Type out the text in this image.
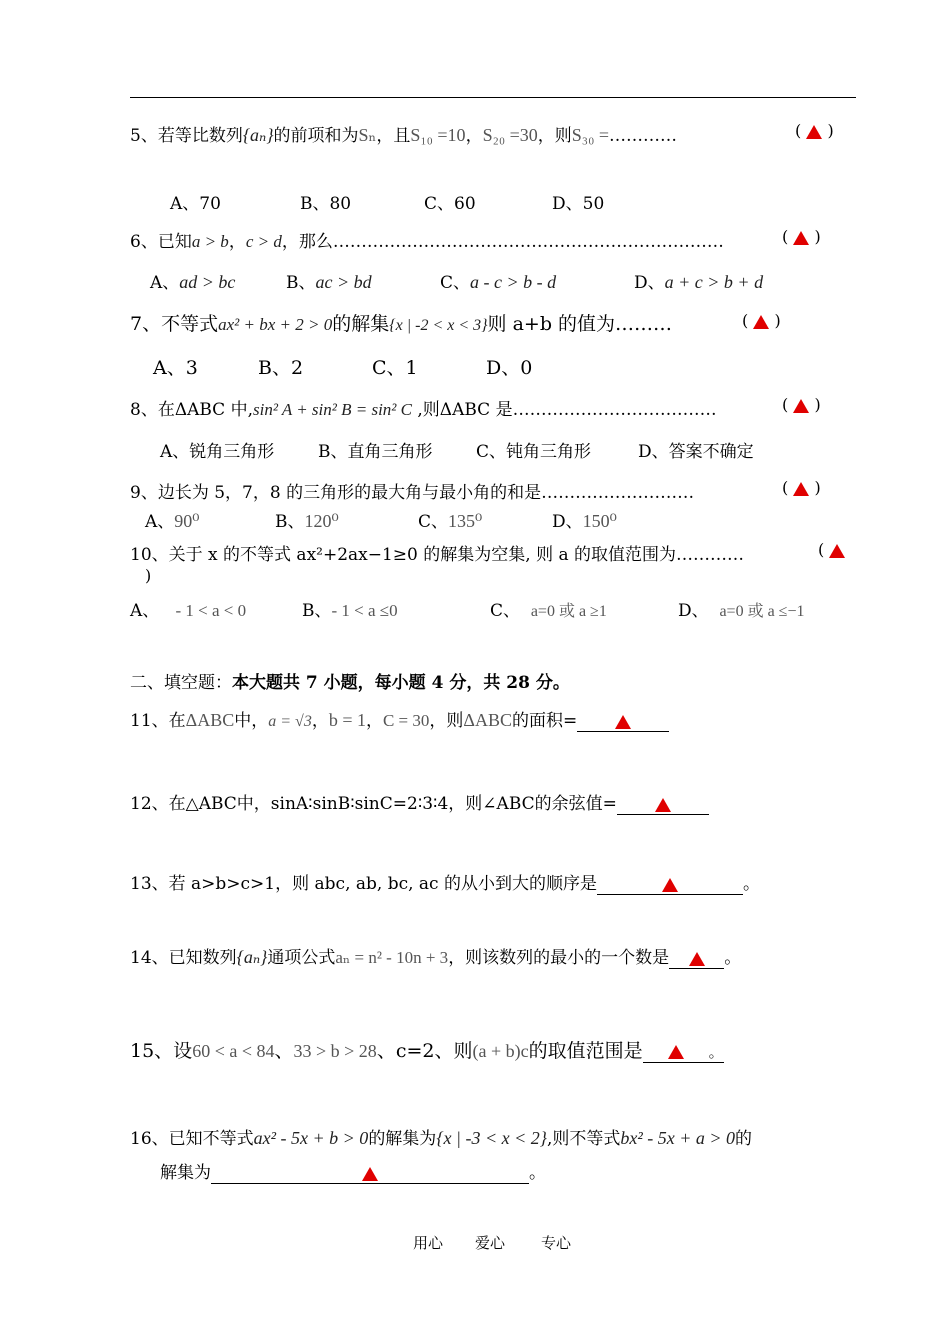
5、若等比数列{aₙ}的前项和为Sₙ，且S₁₀ =10，S₂₀ =30，则S₃₀ =…………	( )
A、70	B、80	C、60	D、50
6、已知a > b，c > d，那么……………………………………………………………	( )
A、ad > bc	B、ac > bd	C、a - c > b - d	D、a + c > b + d
7、不等式ax² + bx + 2 > 0的解集{x | -2 < x < 3}则 a+b 的值为………	( )
A、3	B、2	C、1	D、0
8、在ΔABC 中,sin² A + sin² B = sin² C ,则ΔABC 是………………………………	( )
A、锐角三角形	B、直角三角形	C、钝角三角形	D、答案不确定
9、边长为 5，7，8 的三角形的最大角与最小角的和是………………………	( )
A、90⁰	B、120⁰	C、135⁰	D、150⁰
10、关于 x 的不等式 ax²+2ax−1≥0 的解集为空集, 则 a 的取值范围为…………	(
)
A、 - 1 < a < 0	B、- 1 < a ≤0	C、 a=0 或 a ≥1	D、 a=0 或 a ≤−1
二、填空题：本大题共 7 小题，每小题 4 分，共 28 分。
11、在ΔABC中，a = √3，b = 1，C = 30，则ΔABC的面积=
12、在△ABC中，sinA∶sinB∶sinC=2∶3∶4，则∠ABC的余弦值=
13、若 a>b>c>1，则 abc, ab, bc, ac 的从小到大的顺序是	。
14、已知数列{aₙ}通项公式aₙ = n² - 10n + 3，则该数列的最小的一个数是	。
15、设60 < a < 84、33 > b > 28、c=2、则(a + b)c的取值范围是	。
16、已知不等式ax² - 5x + b > 0的解集为{x | -3 < x < 2},则不等式bx² - 5x + a > 0的
解集为	。
用心 爱心 专心
